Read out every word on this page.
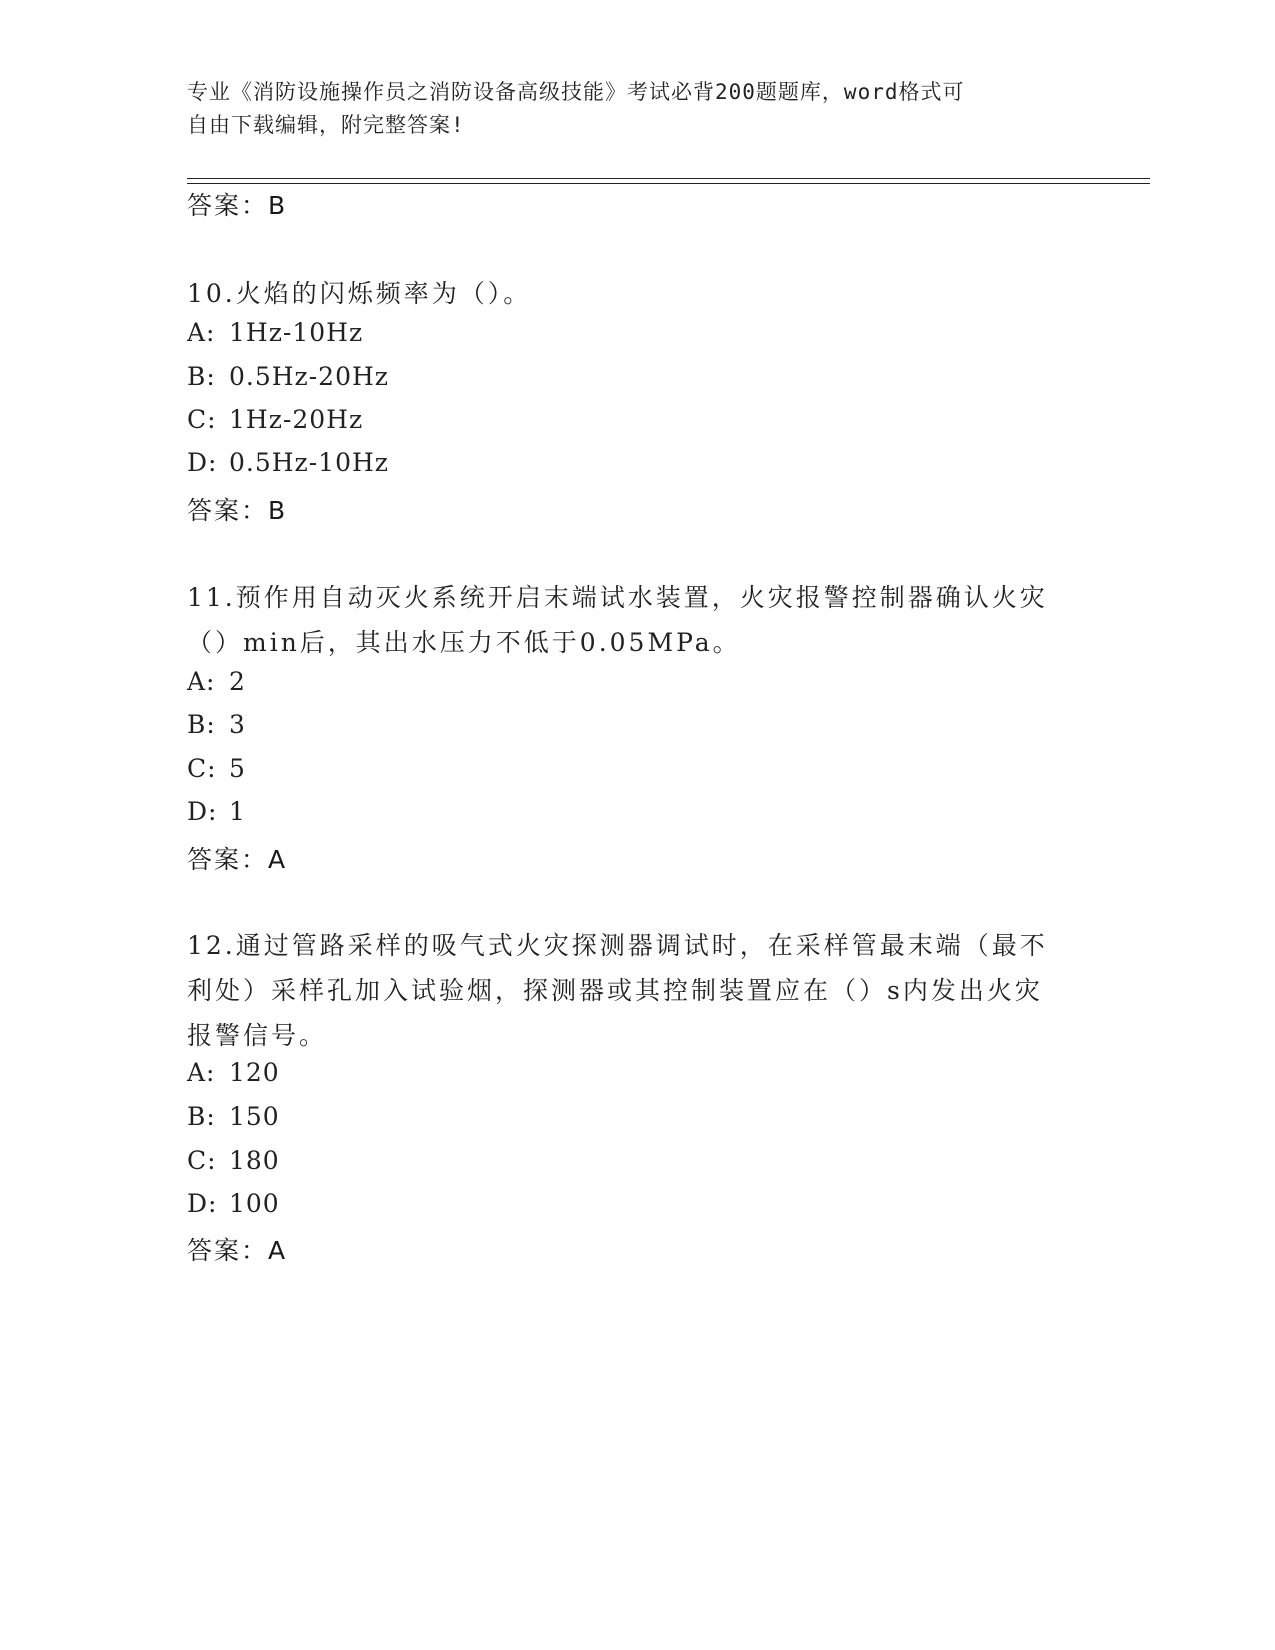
专业《消防设施操作员之消防设备高级技能》考试必背200题题库，word格式可
自由下载编辑，附完整答案!

答案：B

10.火焰的闪烁频率为（）。

A: 1Hz-10Hz
B: 0.5Hz-20Hz
C: 1Hz-20Hz
D: 0.5Hz-10Hz
答案：B

11.预作用自动灭火系统开启末端试水装置，火灾报警控制器确认火灾
（）min后，其出水压力不低于0.05MPa。

A: 2
B: 3
C: 5
D: 1
答案：A

12.通过管路采样的吸气式火灾探测器调试时，在采样管最末端（最不
利处）采样孔加入试验烟，探测器或其控制装置应在（）s内发出火灾
报警信号。

A: 120
B: 150
C: 180
D: 100
答案：A
